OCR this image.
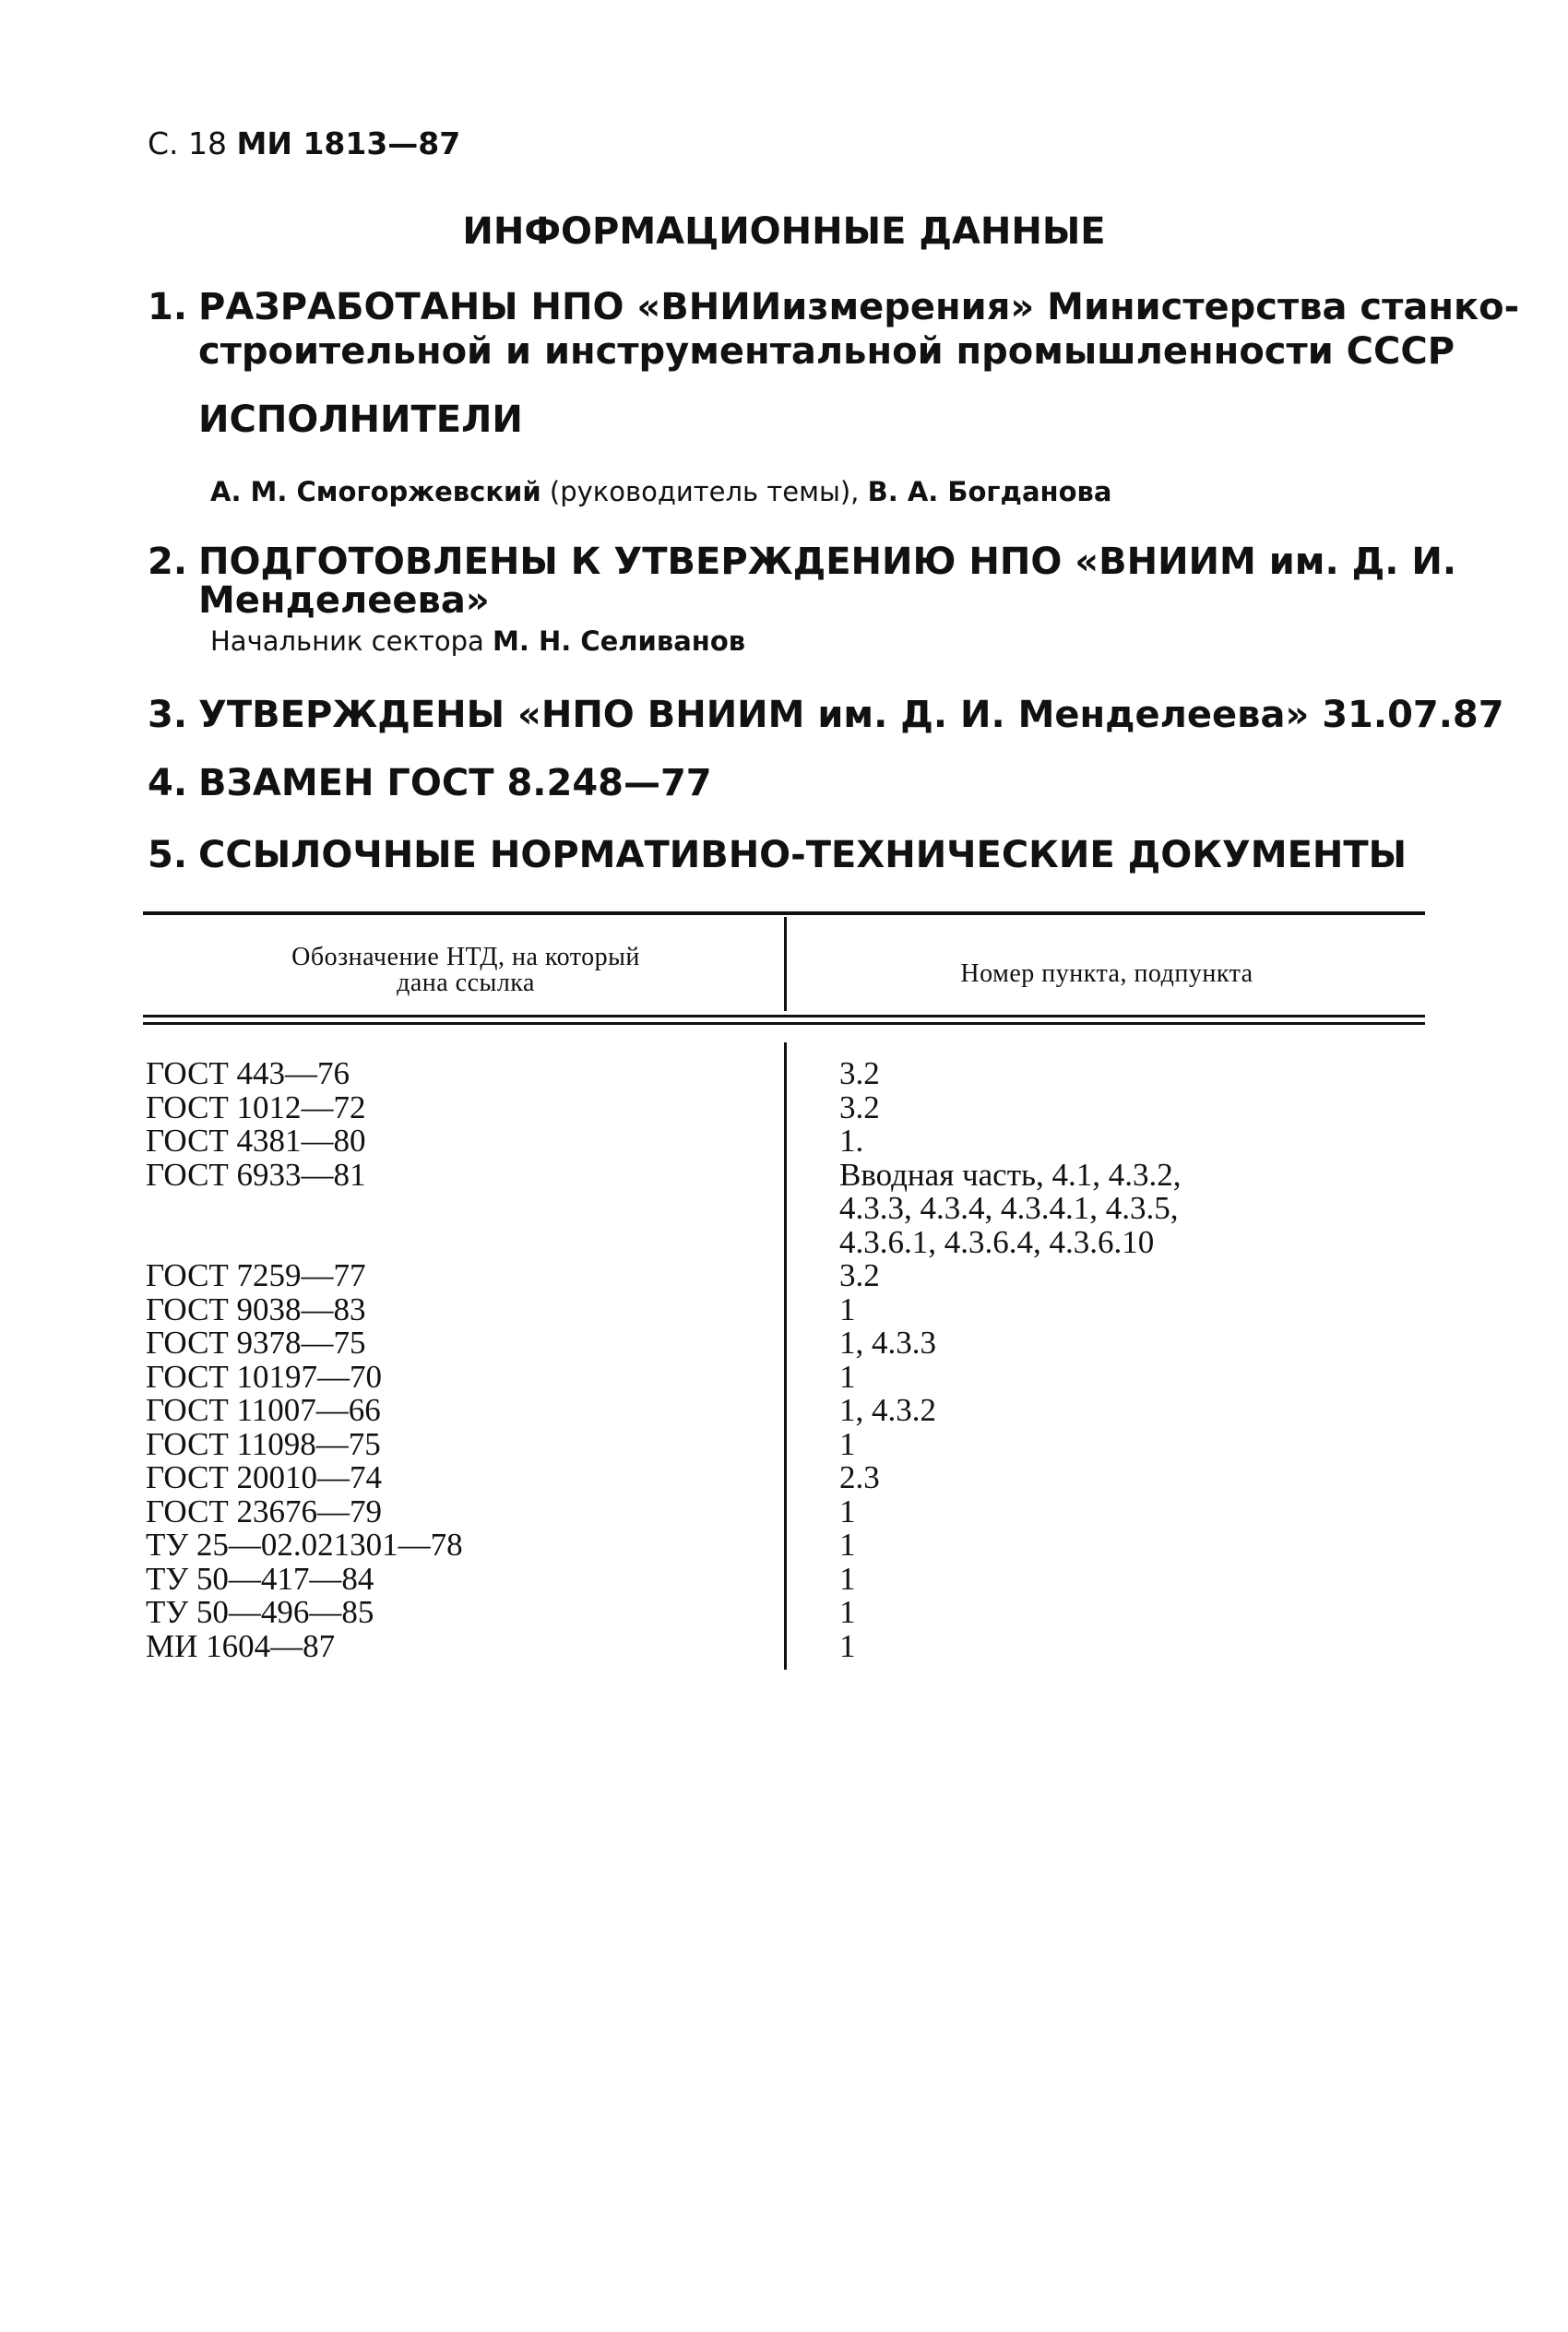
С. 18 МИ 1813—87
ИНФОРМАЦИОННЫЕ ДАННЫЕ
1. РАЗРАБОТАНЫ НПО «ВНИИизмерения» Министерства станко-
строительной и инструментальной промышленности СССР
ИСПОЛНИТЕЛИ
А. М. Смогоржевский (руководитель темы), В. А. Богданова
2. ПОДГОТОВЛЕНЫ К УТВЕРЖДЕНИЮ НПО «ВНИИМ им. Д. И.
Менделеева»
Начальник сектора М. Н. Селиванов
3. УТВЕРЖДЕНЫ «НПО ВНИИМ им. Д. И. Менделеева» 31.07.87
4. ВЗАМЕН ГОСТ 8.248—77
5. ССЫЛОЧНЫЕ НОРМАТИВНО-ТЕХНИЧЕСКИЕ ДОКУМЕНТЫ
Обозначение НТД, на который
дана ссылка	Номер пункта, подпункта
ГОСТ 443—76
ГОСТ 1012—72
ГОСТ 4381—80
ГОСТ 6933—81
ГОСТ 7259—77
ГОСТ 9038—83
ГОСТ 9378—75
ГОСТ 10197—70
ГОСТ 11007—66
ГОСТ 11098—75
ГОСТ 20010—74
ГОСТ 23676—79
ТУ 25—02.021301—78
ТУ 50—417—84
ТУ 50—496—85
МИ 1604—87
3.2
3.2
1.
Вводная часть, 4.1, 4.3.2,
4.3.3, 4.3.4, 4.3.4.1, 4.3.5,
4.3.6.1, 4.3.6.4, 4.3.6.10
3.2
1
1, 4.3.3
1
1, 4.3.2
1
2.3
1
1
1
1
1
